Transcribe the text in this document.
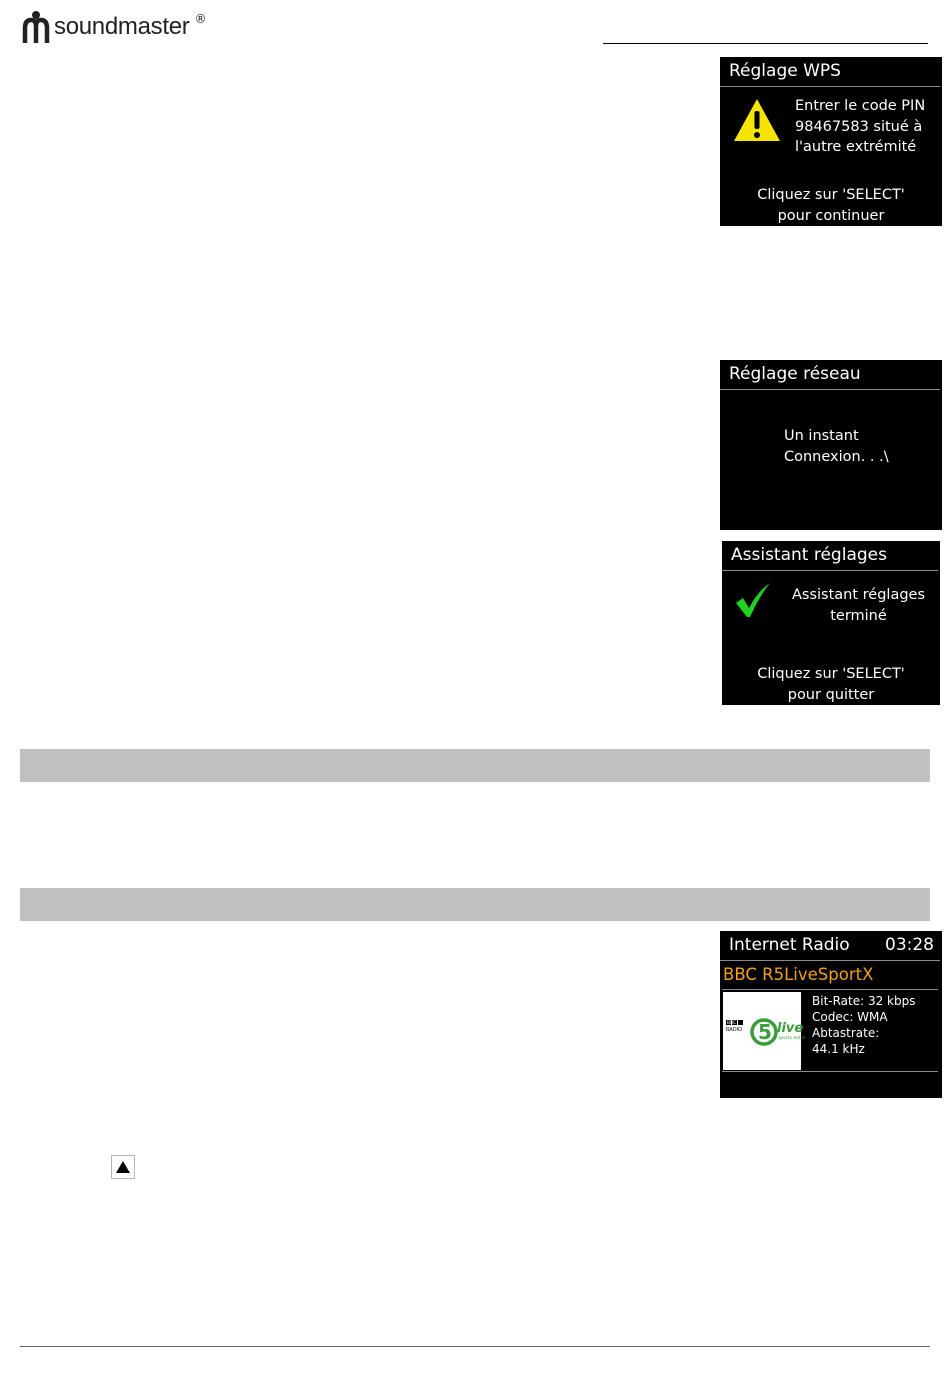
soundmaster ®
Réglage WPS
Entrer le code PIN
98467583 situé à
l'autre extrémité
Cliquez sur 'SELECT'
pour continuer
Réglage réseau
Un instant
Connexion. . .\
Assistant réglages
Assistant réglages
terminé
Cliquez sur 'SELECT'
pour quitter
Internet Radio 03:28
BBC R5LiveSportX
BBC
RADIO 5 live
sports extra
Bit-Rate: 32 kbps
Codec: WMA
Abtastrate:
44.1 kHz
